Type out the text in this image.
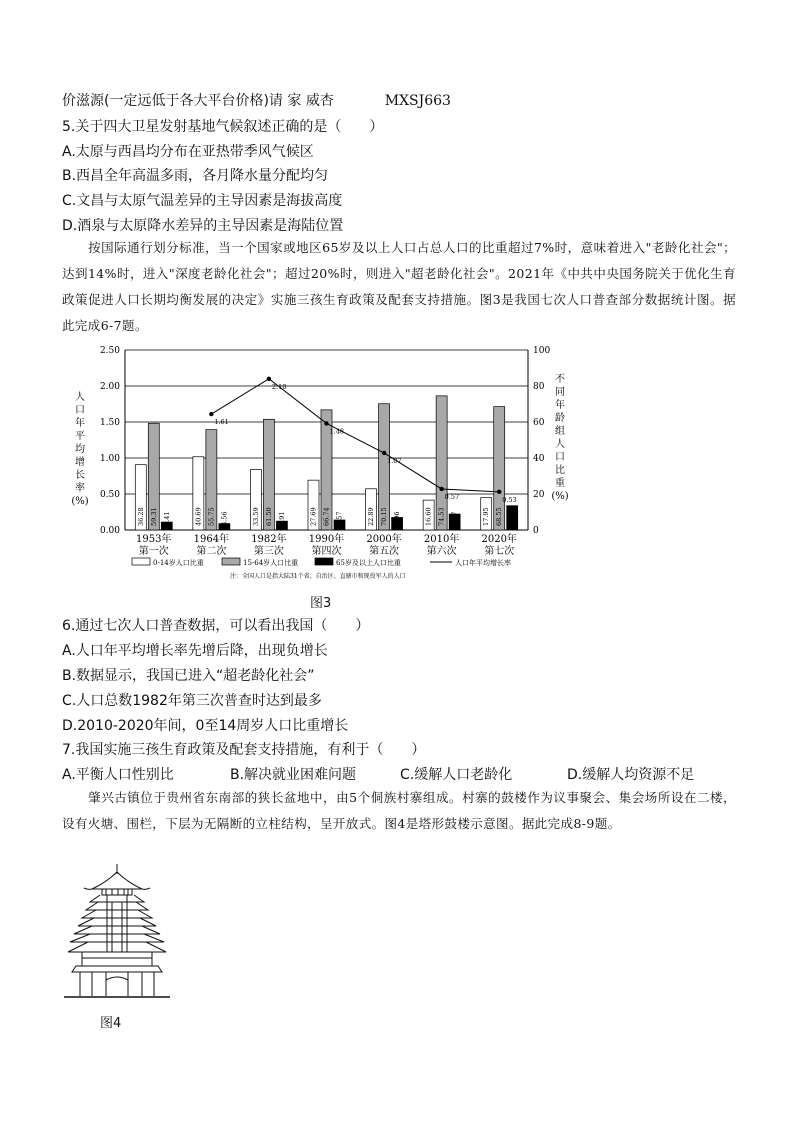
价滋源(一定远低于各大平台价格)请 家 威杏	MXSJ663
5.关于四大卫星发射基地气候叙述正确的是（　　）
A.太原与西昌均分布在亚热带季风气候区
B.西昌全年高温多雨，各月降水量分配均匀
C.文昌与太原气温差异的主导因素是海拔高度
D.酒泉与太原降水差异的主导因素是海陆位置
按国际通行划分标准，当一个国家或地区65岁及以上人口占总人口的比重超过7%时，意味着进入"老龄化社会"；达到14%时，进入"深度老龄化社会"；超过20%时，则进入"超老龄化社会"。2021年《中共中央国务院关于优化生育政策促进人口长期均衡发展的决定》实施三孩生育政策及配套支持措施。图3是我国七次人口普查部分数据统计图。据此完成6-7题。
36.28 59.31 4.41	40.69 55.75 3.56	33.59 61.50 4.91	27.69 66.74 5.57	22.89 70.15 6.96	16.60 74.53 8.87	17.95 68.55 13.50
1.61
2.10
1.48
1.07
0.57	0.53
0.00
0.50
1.00
1.50
2.00
2.50
0
20
40
60
80
100
人
口
年
平
均
增
长
率
(%)
不
同
年
龄
组
人
口
比
重
(%)
1953年
第一次
1964年
第二次
1982年
第三次
1990年
第四次
2000年
第五次
2010年
第六次
2020年
第七次
0-14岁人口比重	15-64岁人口比重	65岁及以上人口比重	人口年平均增长率
注：全国人口是指大陆31个省、自治区、直辖市和现役军人的人口
图3
6.通过七次人口普查数据，可以看出我国（　　）
A.人口年平均增长率先增后降，出现负增长
B.数据显示，我国已进入“超老龄化社会”
C.人口总数1982年第三次普查时达到最多
D.2010-2020年间，0至14周岁人口比重增长
7.我国实施三孩生育政策及配套支持措施，有利于（　　）
A.平衡人口性别比	B.解决就业困难问题	C.缓解人口老龄化	D.缓解人均资源不足
肇兴古镇位于贵州省东南部的狭长盆地中，由5个侗族村寨组成。村寨的鼓楼作为议事聚会、集会场所设在二楼，设有火塘、围栏，下层为无隔断的立柱结构，呈开放式。图4是塔形鼓楼示意图。据此完成8-9题。
图4
